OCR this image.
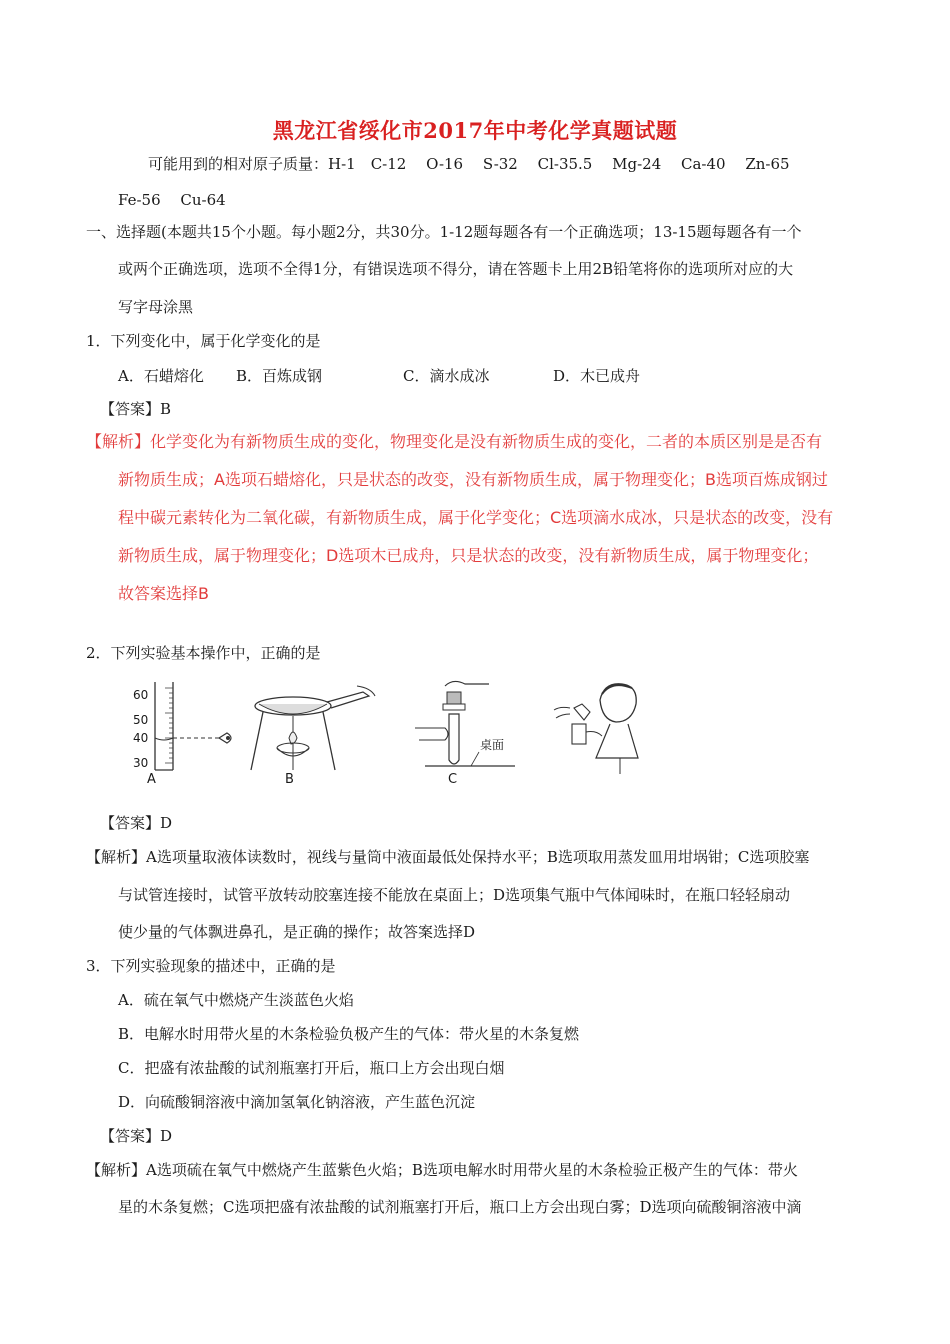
黑龙江省绥化市2017年中考化学真题试题
可能用到的相对原子质量：H-1　C-12　 O-16　 S-32　 Cl-35.5　 Mg-24　 Ca-40　 Zn-65
Fe-56　 Cu-64
一、选择题(本题共15个小题。每小题2分，共30分。1-12题每题各有一个正确选项；13-15题每题各有一个
或两个正确选项，选项不全得1分，有错误选项不得分，请在答题卡上用2B铅笔将你的选项所对应的大
写字母涂黑
1．下列变化中，属于化学变化的是
A．石蜡熔化 B．百炼成钢	C．滴水成冰	D．木已成舟
【答案】B
【解析】化学变化为有新物质生成的变化，物理变化是没有新物质生成的变化，二者的本质区别是是否有
新物质生成；A选项石蜡熔化，只是状态的改变，没有新物质生成，属于物理变化；B选项百炼成钢过
程中碳元素转化为二氧化碳，有新物质生成，属于化学变化；C选项滴水成冰，只是状态的改变，没有
新物质生成，属于物理变化；D选项木已成舟，只是状态的改变，没有新物质生成，属于物理变化；
故答案选择B
2．下列实验基本操作中，正确的是
60
50
40
30
A	B
桌面
C
【答案】D
【解析】A选项量取液体读数时，视线与量筒中液面最低处保持水平；B选项取用蒸发皿用坩埚钳；C选项胶塞
与试管连接时，试管平放转动胶塞连接不能放在桌面上；D选项集气瓶中气体闻味时，在瓶口轻轻扇动
使少量的气体飘进鼻孔，是正确的操作；故答案选择D
3．下列实验现象的描述中，正确的是
A．硫在氧气中燃烧产生淡蓝色火焰
B．电解水时用带火星的木条检验负极产生的气体：带火星的木条复燃
C．把盛有浓盐酸的试剂瓶塞打开后，瓶口上方会出现白烟
D．向硫酸铜溶液中滴加氢氧化钠溶液，产生蓝色沉淀
【答案】D
【解析】A选项硫在氧气中燃烧产生蓝紫色火焰；B选项电解水时用带火星的木条检验正极产生的气体：带火
星的木条复燃；C选项把盛有浓盐酸的试剂瓶塞打开后，瓶口上方会出现白雾；D选项向硫酸铜溶液中滴
